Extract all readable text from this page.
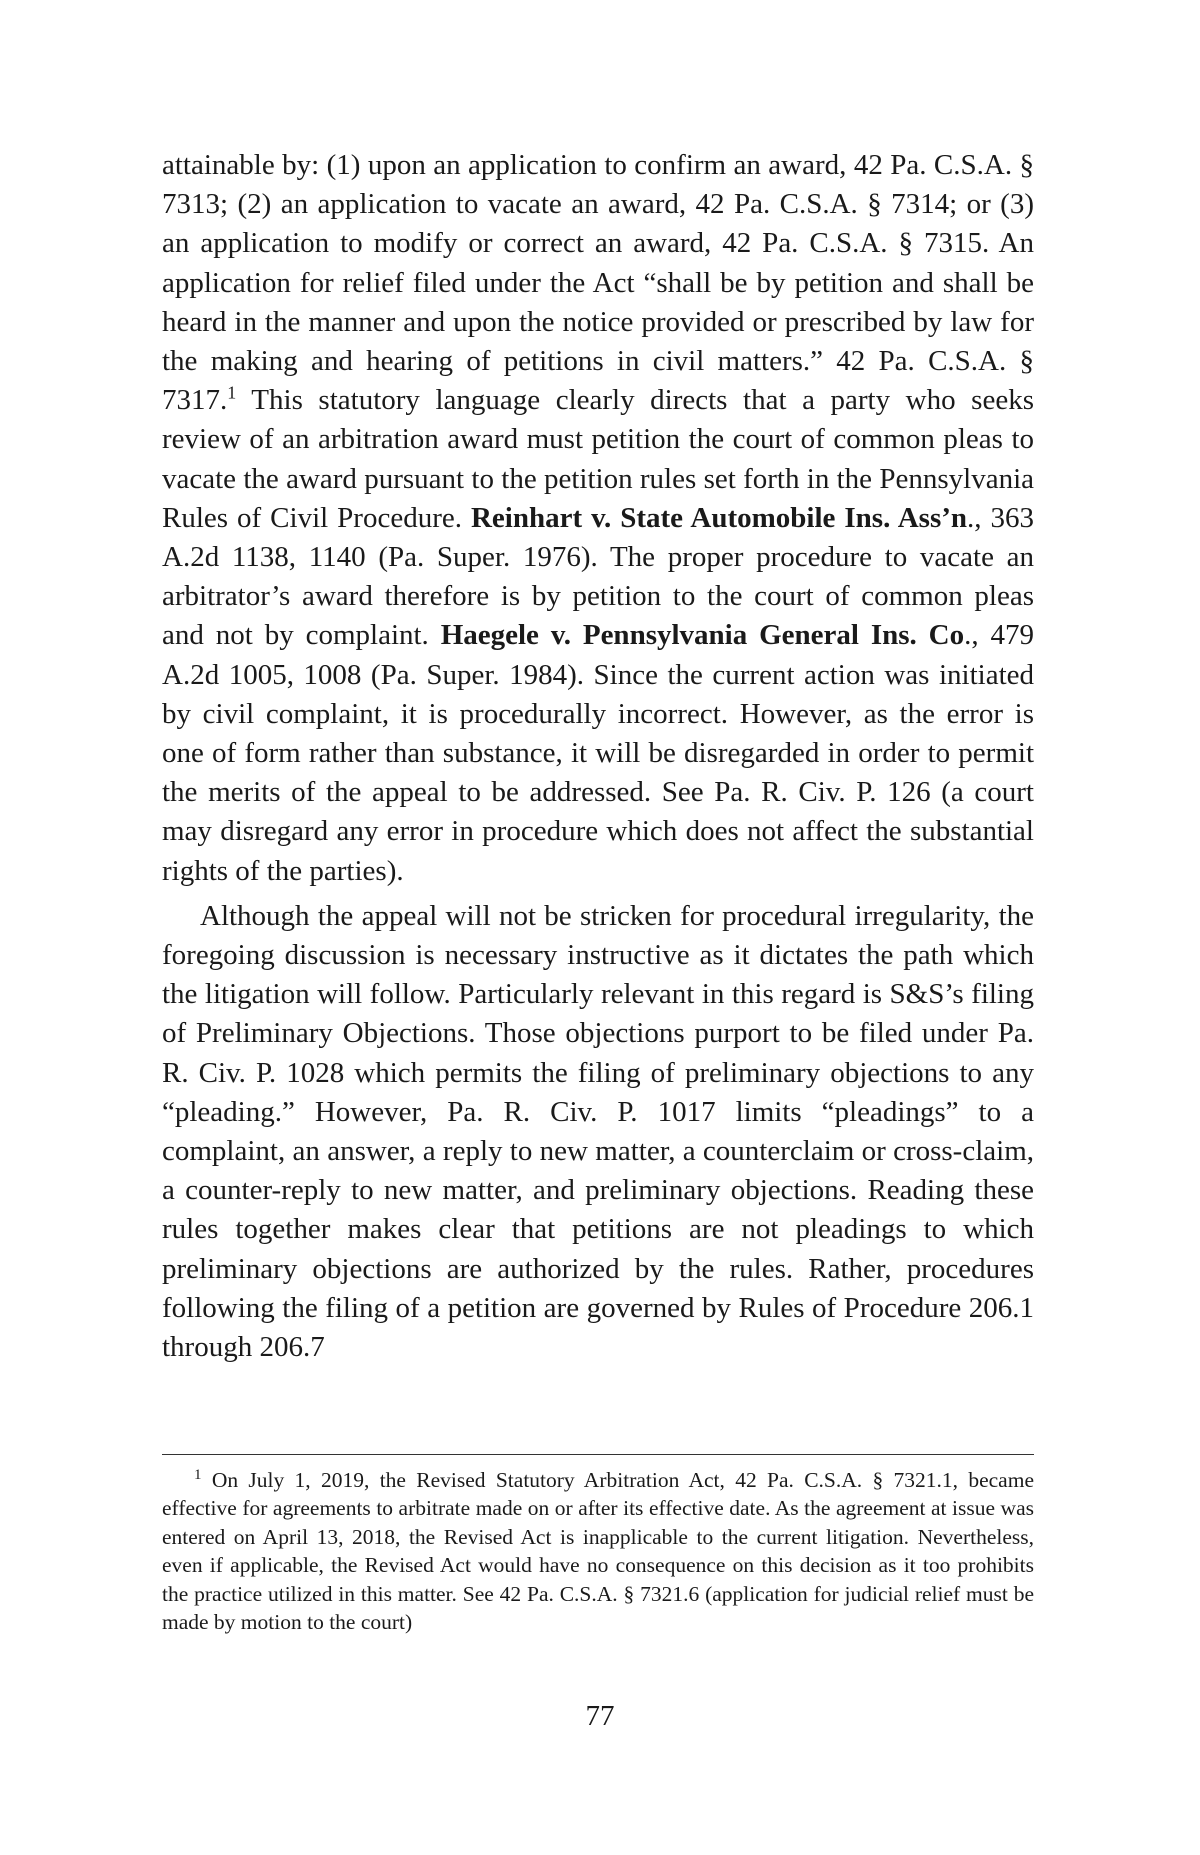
attainable by: (1) upon an application to confirm an award, 42 Pa. C.S.A. § 7313; (2) an application to vacate an award, 42 Pa. C.S.A. § 7314; or (3) an application to modify or correct an award, 42 Pa. C.S.A. § 7315. An application for relief filed under the Act “shall be by petition and shall be heard in the manner and upon the notice provided or prescribed by law for the making and hearing of petitions in civil matters.” 42 Pa. C.S.A. § 7317.$^1$ This statutory language clearly directs that a party who seeks review of an arbitration award must petition the court of common pleas to vacate the award pursuant to the petition rules set forth in the Pennsylvania Rules of Civil Procedure. Reinhart v. State Automobile Ins. Ass’n., 363 A.2d 1138, 1140 (Pa. Super. 1976). The proper procedure to vacate an arbitrator’s award therefore is by petition to the court of common pleas and not by complaint. Haegele v. Pennsylvania General Ins. Co., 479 A.2d 1005, 1008 (Pa. Super. 1984). Since the current action was initiated by civil complaint, it is procedurally incorrect. However, as the error is one of form rather than substance, it will be disregarded in order to permit the merits of the appeal to be addressed. See Pa. R. Civ. P. 126 (a court may disregard any error in procedure which does not affect the substantial rights of the parties).

Although the appeal will not be stricken for procedural irregularity, the foregoing discussion is necessary instructive as it dictates the path which the litigation will follow. Particularly relevant in this regard is S&S’s filing of Preliminary Objections. Those objections purport to be filed under Pa. R. Civ. P. 1028 which permits the filing of preliminary objections to any “pleading.” However, Pa. R. Civ. P. 1017 limits “pleadings” to a complaint, an answer, a reply to new matter, a counterclaim or cross-claim, a counter-reply to new matter, and preliminary objections. Reading these rules together makes clear that petitions are not pleadings to which preliminary objections are authorized by the rules. Rather, procedures following the filing of a petition are governed by Rules of Procedure 206.1 through 206.7

$^1$ On July 1, 2019, the Revised Statutory Arbitration Act, 42 Pa. C.S.A. § 7321.1, became effective for agreements to arbitrate made on or after its effective date. As the agreement at issue was entered on April 13, 2018, the Revised Act is inapplicable to the current litigation. Nevertheless, even if applicable, the Revised Act would have no consequence on this decision as it too prohibits the practice utilized in this matter. See 42 Pa. C.S.A. § 7321.6 (application for judicial relief must be made by motion to the court)

77
